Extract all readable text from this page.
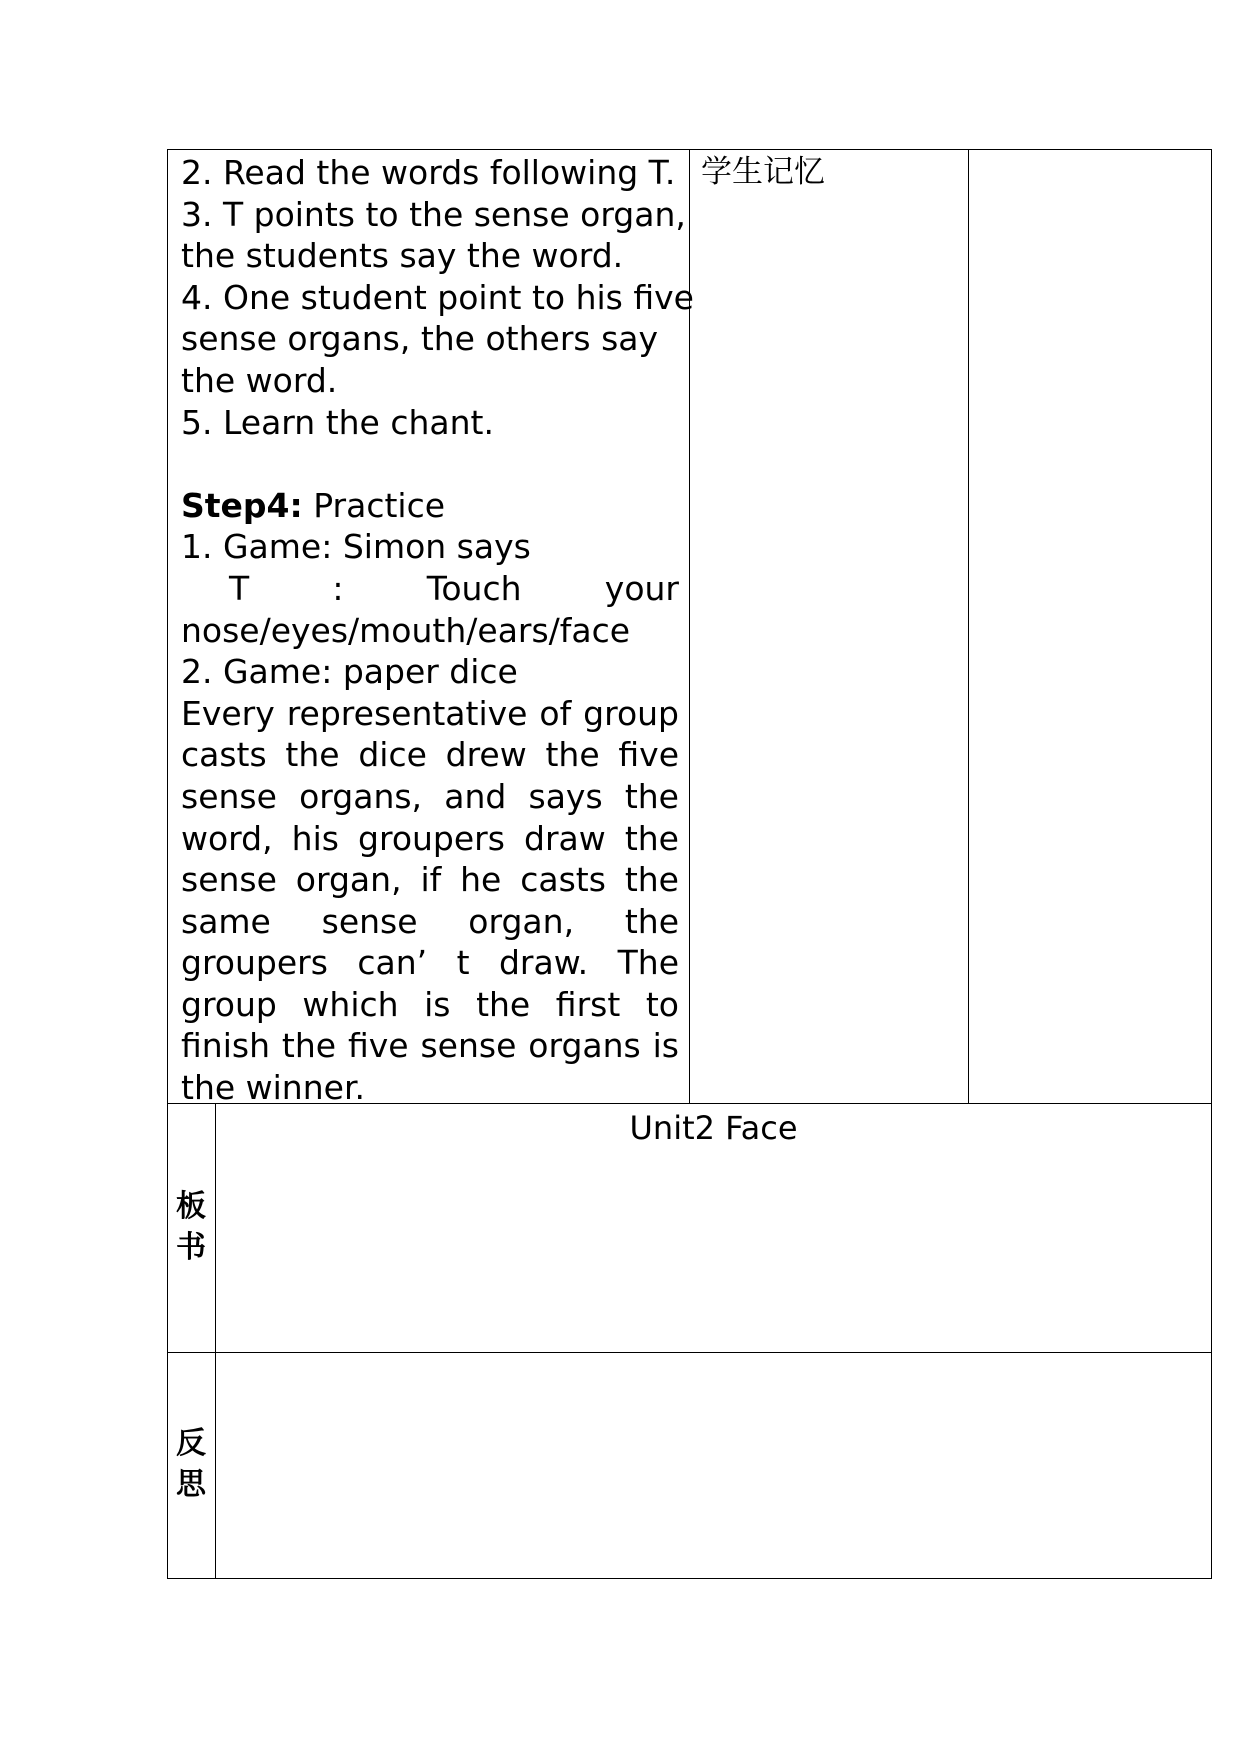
2. Read the words following T.
3. T points to the sense organ,
the students say the word.
4. One student point to his five
sense organs, the others say
the word.
5. Learn the chant.
Step4: Practice
1. Game: Simon says
T : Touch your
nose/eyes/mouth/ears/face
2. Game: paper dice
Every representative of group
casts the dice drew the five
sense organs, and says the
word, his groupers draw the
sense organ, if he casts the
same sense organ, the
groupers can’ t draw. The
group which is the first to
finish the five sense organs is
the winner.
学生记忆
板
书
Unit2 Face
反
思
